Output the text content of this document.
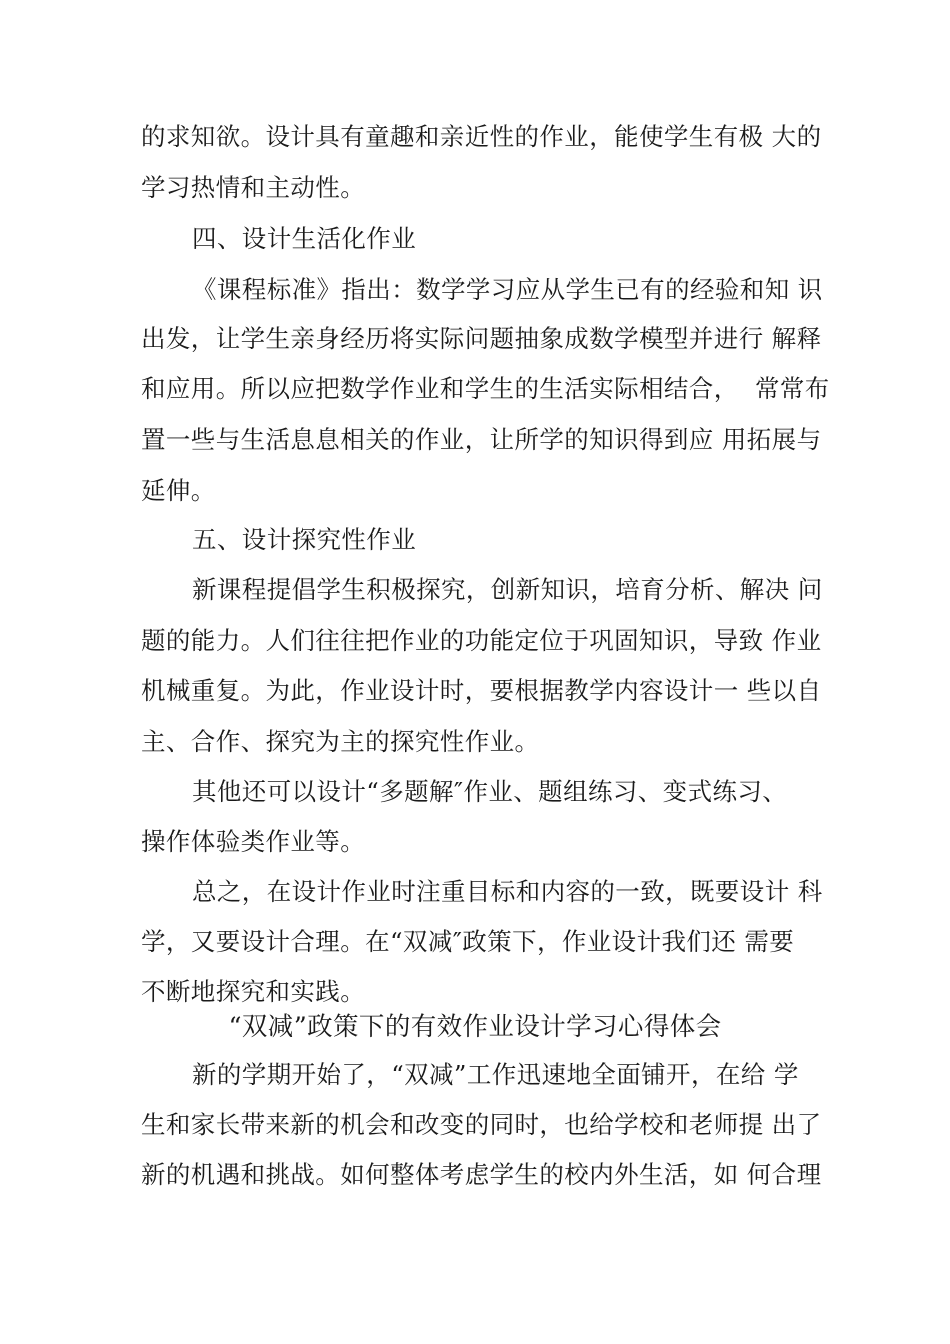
的求知欲。设计具有童趣和亲近性的作业，能使学生有极 大的
学习热情和主动性。
四、设计生活化作业
《课程标准》指出：数学学习应从学生已有的经验和知 识
出发，让学生亲身经历将实际问题抽象成数学模型并进行 解释
和应用。所以应把数学作业和学生的生活实际相结合，  常常布
置一些与生活息息相关的作业，让所学的知识得到应 用拓展与
延伸。
五、设计探究性作业
新课程提倡学生积极探究，创新知识，培育分析、解决 问
题的能力。人们往往把作业的功能定位于巩固知识，导致 作业
机械重复。为此，作业设计时，要根据教学内容设计一 些以自
主、合作、探究为主的探究性作业。
其他还可以设计“多题解″作业、题组练习、变式练习、
操作体验类作业等。
总之，在设计作业时注重目标和内容的一致，既要设计 科
学，又要设计合理。在“双减″政策下，作业设计我们还 需要
不断地探究和实践。
“双减”政策下的有效作业设计学习心得体会
新的学期开始了，“双减”工作迅速地全面铺开，在给 学
生和家长带来新的机会和改变的同时，也给学校和老师提 出了
新的机遇和挑战。如何整体考虑学生的校内外生活，如 何合理
